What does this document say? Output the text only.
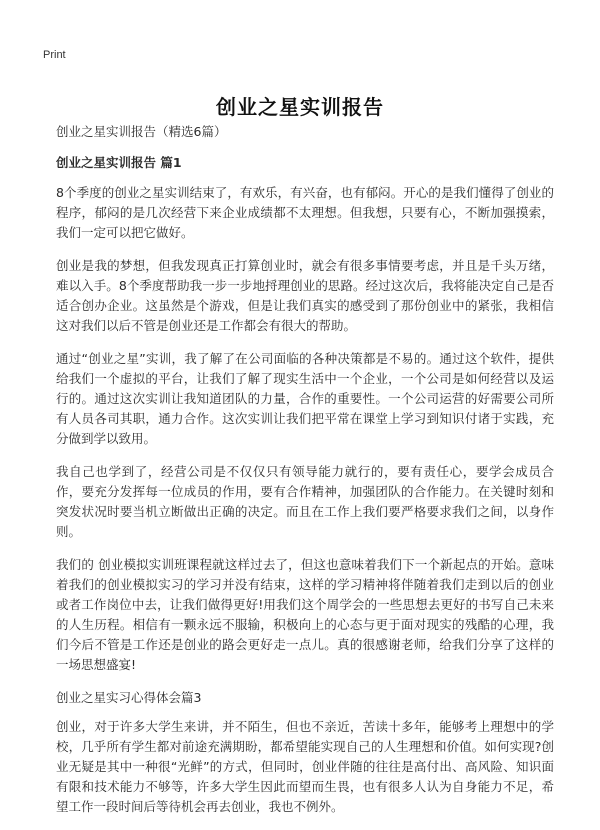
Print
创业之星实训报告

创业之星实训报告（精选6篇）

创业之星实训报告 篇1

8个季度的创业之星实训结束了，有欢乐，有兴奋，也有郁闷。开心的是我们懂得了创业的程序，郁闷的是几次经营下来企业成绩都不太理想。但我想，只要有心，不断加强摸索，我们一定可以把它做好。

创业是我的梦想，但我发现真正打算创业时，就会有很多事情要考虑，并且是千头万绪，难以入手。8个季度帮助我一步一步地捋理创业的思路。经过这次后，我将能决定自己是否适合创办企业。这虽然是个游戏，但是让我们真实的感受到了那份创业中的紧张，我相信这对我们以后不管是创业还是工作都会有很大的帮助。

通过“创业之星”实训，我了解了在公司面临的各种决策都是不易的。通过这个软件，提供给我们一个虚拟的平台，让我们了解了现实生活中一个企业，一个公司是如何经营以及运行的。通过这次实训让我知道团队的力量，合作的重要性。一个公司运营的好需要公司所有人员各司其职，通力合作。这次实训让我们把平常在课堂上学习到知识付诸于实践，充分做到学以致用。

我自己也学到了，经营公司是不仅仅只有领导能力就行的，要有责任心，要学会成员合作，要充分发挥每一位成员的作用，要有合作精神，加强团队的合作能力。在关键时刻和突发状况时要当机立断做出正确的决定。而且在工作上我们要严格要求我们之间，以身作则。

我们的 创业模拟实训班课程就这样过去了，但这也意味着我们下一个新起点的开始。意味着我们的创业模拟实习的学习并没有结束，这样的学习精神将伴随着我们走到以后的创业或者工作岗位中去，让我们做得更好!用我们这个周学会的一些思想去更好的书写自己未来的人生历程。相信有一颗永远不服输，积极向上的心态与更于面对现实的残酷的心理，我们今后不管是工作还是创业的路会更好走一点儿。真的很感谢老师，给我们分享了这样的一场思想盛宴!

创业之星实习心得体会篇3

创业，对于许多大学生来讲，并不陌生，但也不亲近，苦读十多年，能够考上理想中的学校，几乎所有学生都对前途充满期盼，都希望能实现自己的人生理想和价值。如何实现?创业无疑是其中一种很“光鲜”的方式，但同时，创业伴随的往往是高付出、高风险、知识面有限和技术能力不够等，许多大学生因此而望而生畏，也有很多人认为自身能力不足，希望工作一段时间后等待机会再去创业，我也不例外。
